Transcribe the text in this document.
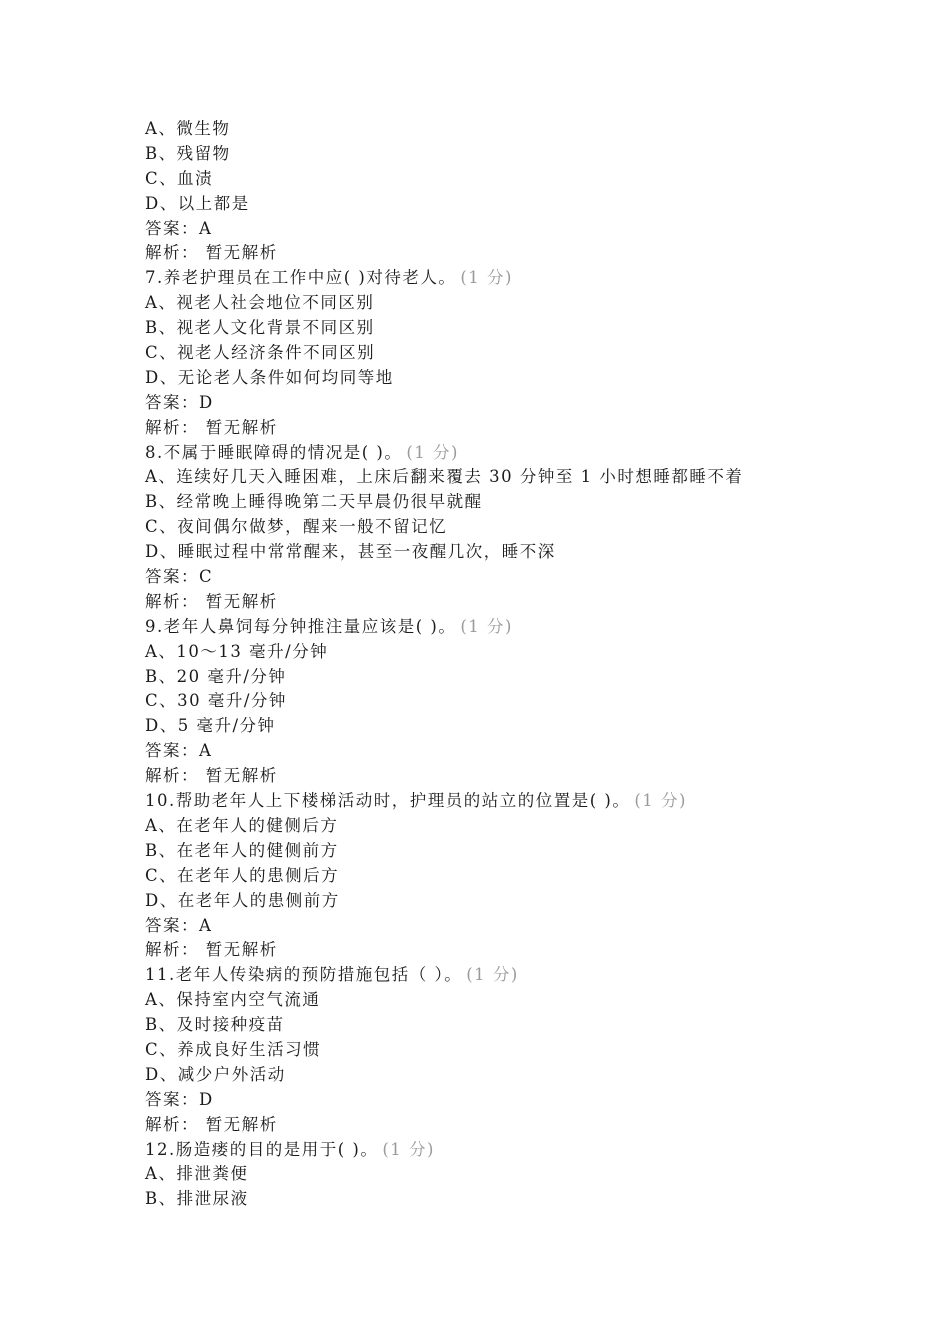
A、微生物
B、残留物
C、血渍
D、以上都是
答案：A
解析： 暂无解析
7.养老护理员在工作中应( )对待老人。 (1 分)
A、视老人社会地位不同区别
B、视老人文化背景不同区别
C、视老人经济条件不同区别
D、无论老人条件如何均同等地
答案：D
解析： 暂无解析
8.不属于睡眠障碍的情况是( )。 (1 分)
A、连续好几天入睡困难，上床后翻来覆去 30 分钟至 1 小时想睡都睡不着
B、经常晚上睡得晚第二天早晨仍很早就醒
C、夜间偶尔做梦，醒来一般不留记忆
D、睡眠过程中常常醒来，甚至一夜醒几次，睡不深
答案：C
解析： 暂无解析
9.老年人鼻饲每分钟推注量应该是( )。 (1 分)
A、10～13 毫升/分钟
B、20 毫升/分钟
C、30 毫升/分钟
D、5 毫升/分钟
答案：A
解析： 暂无解析
10.帮助老年人上下楼梯活动时，护理员的站立的位置是( )。 (1 分)
A、在老年人的健侧后方
B、在老年人的健侧前方
C、在老年人的患侧后方
D、在老年人的患侧前方
答案：A
解析： 暂无解析
11.老年人传染病的预防措施包括（ ）。 (1 分)
A、保持室内空气流通
B、及时接种疫苗
C、养成良好生活习惯
D、减少户外活动
答案：D
解析： 暂无解析
12.肠造瘘的目的是用于( )。 (1 分)
A、排泄粪便
B、排泄尿液
